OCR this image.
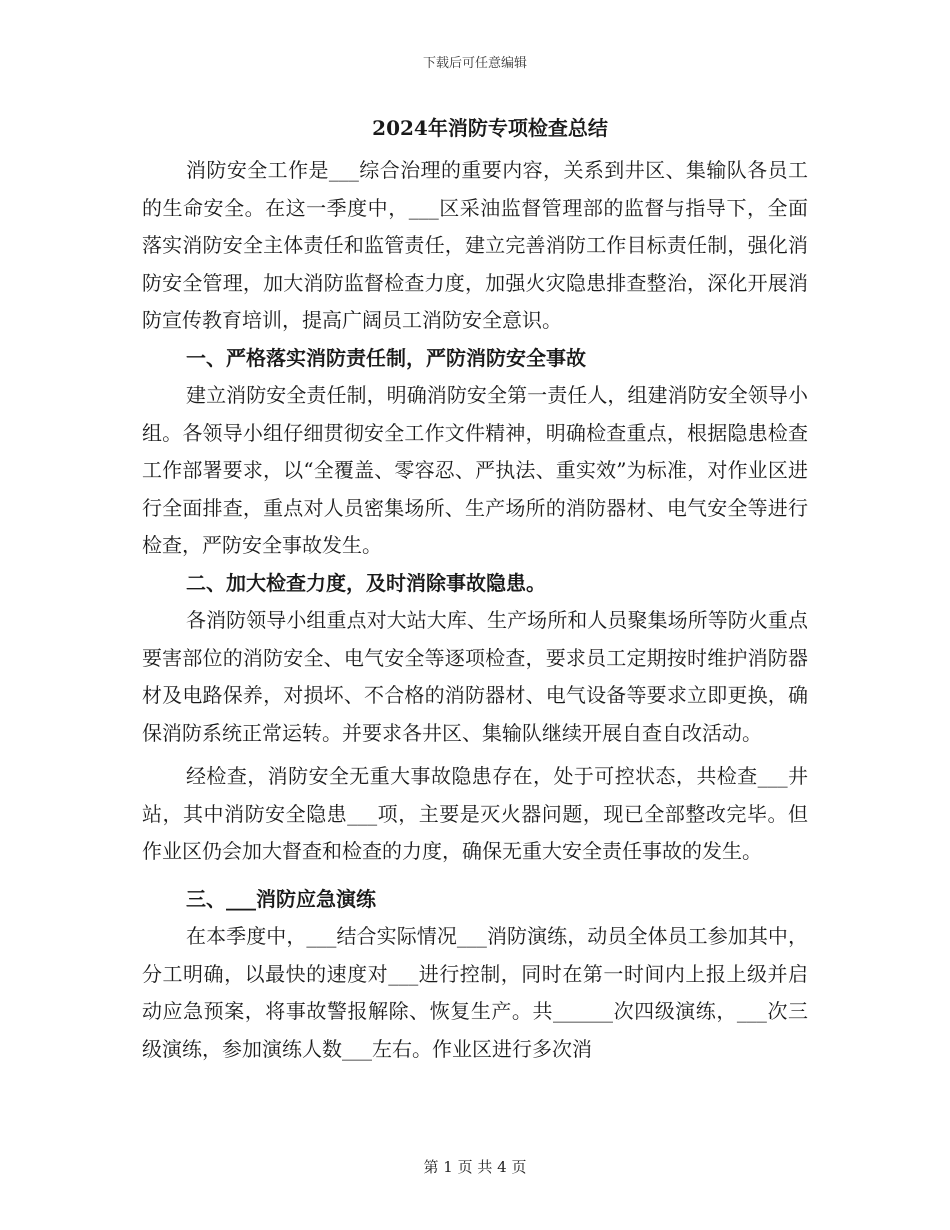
下载后可任意编辑
2024年消防专项检查总结

消防安全工作是___综合治理的重要内容，关系到井区、集输队各员工的生命安全。在这一季度中，___区采油监督管理部的监督与指导下，全面落实消防安全主体责任和监管责任，建立完善消防工作目标责任制，强化消防安全管理，加大消防监督检查力度，加强火灾隐患排查整治，深化开展消防宣传教育培训，提高广阔员工消防安全意识。

一、严格落实消防责任制，严防消防安全事故

建立消防安全责任制，明确消防安全第一责任人，组建消防安全领导小组。各领导小组仔细贯彻安全工作文件精神，明确检查重点，根据隐患检查工作部署要求，以“全覆盖、零容忍、严执法、重实效”为标准，对作业区进行全面排查，重点对人员密集场所、生产场所的消防器材、电气安全等进行检查，严防安全事故发生。

二、加大检查力度，及时消除事故隐患。

各消防领导小组重点对大站大库、生产场所和人员聚集场所等防火重点要害部位的消防安全、电气安全等逐项检查，要求员工定期按时维护消防器材及电路保养，对损坏、不合格的消防器材、电气设备等要求立即更换，确保消防系统正常运转。并要求各井区、集输队继续开展自查自改活动。

经检查，消防安全无重大事故隐患存在，处于可控状态，共检查___井站，其中消防安全隐患___项，主要是灭火器问题，现已全部整改完毕。但作业区仍会加大督查和检查的力度，确保无重大安全责任事故的发生。

三、___消防应急演练

在本季度中，___结合实际情况___消防演练，动员全体员工参加其中，分工明确，以最快的速度对___进行控制，同时在第一时间内上报上级并启动应急预案，将事故警报解除、恢复生产。共______次四级演练，___次三级演练，参加演练人数___左右。作业区进行多次消

第 1 页 共 4 页
